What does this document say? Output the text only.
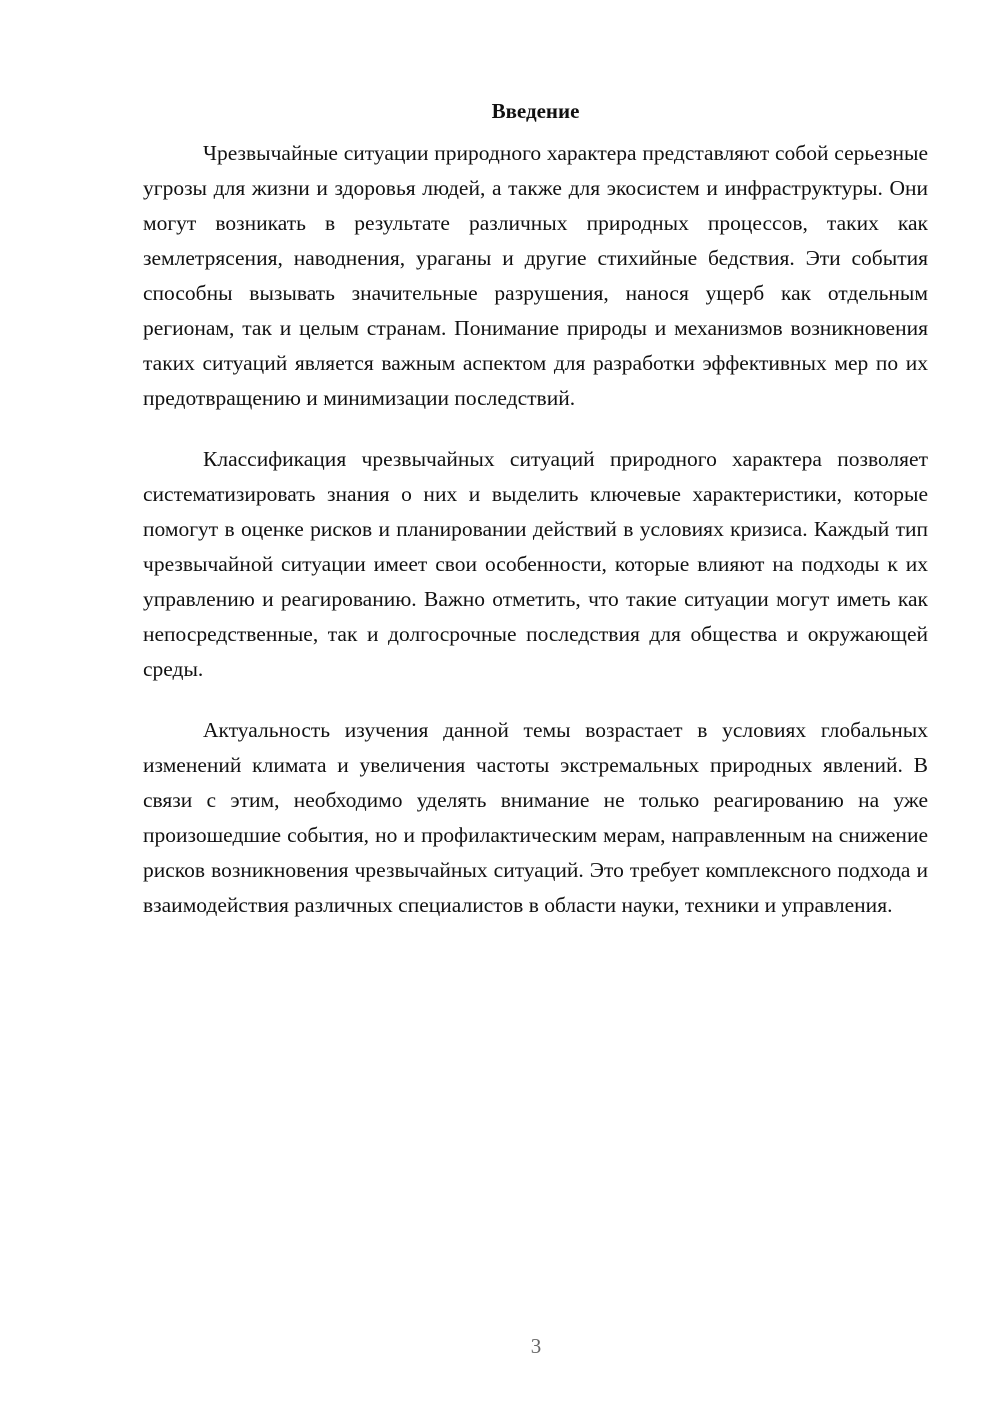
Введение

Чрезвычайные ситуации природного характера представляют собой серьезные угрозы для жизни и здоровья людей, а также для экосистем и инфраструктуры. Они могут возникать в результате различных природных процессов, таких как землетрясения, наводнения, ураганы и другие стихийные бедствия. Эти события способны вызывать значительные разрушения, нанося ущерб как отдельным регионам, так и целым странам. Понимание природы и механизмов возникновения таких ситуаций является важным аспектом для разработки эффективных мер по их предотвращению и минимизации последствий.

Классификация чрезвычайных ситуаций природного характера позволяет систематизировать знания о них и выделить ключевые характеристики, которые помогут в оценке рисков и планировании действий в условиях кризиса. Каждый тип чрезвычайной ситуации имеет свои особенности, которые влияют на подходы к их управлению и реагированию. Важно отметить, что такие ситуации могут иметь как непосредственные, так и долгосрочные последствия для общества и окружающей среды.

Актуальность изучения данной темы возрастает в условиях глобальных изменений климата и увеличения частоты экстремальных природных явлений. В связи с этим, необходимо уделять внимание не только реагированию на уже произошедшие события, но и профилактическим мерам, направленным на снижение рисков возникновения чрезвычайных ситуаций. Это требует комплексного подхода и взаимодействия различных специалистов в области науки, техники и управления.

3
